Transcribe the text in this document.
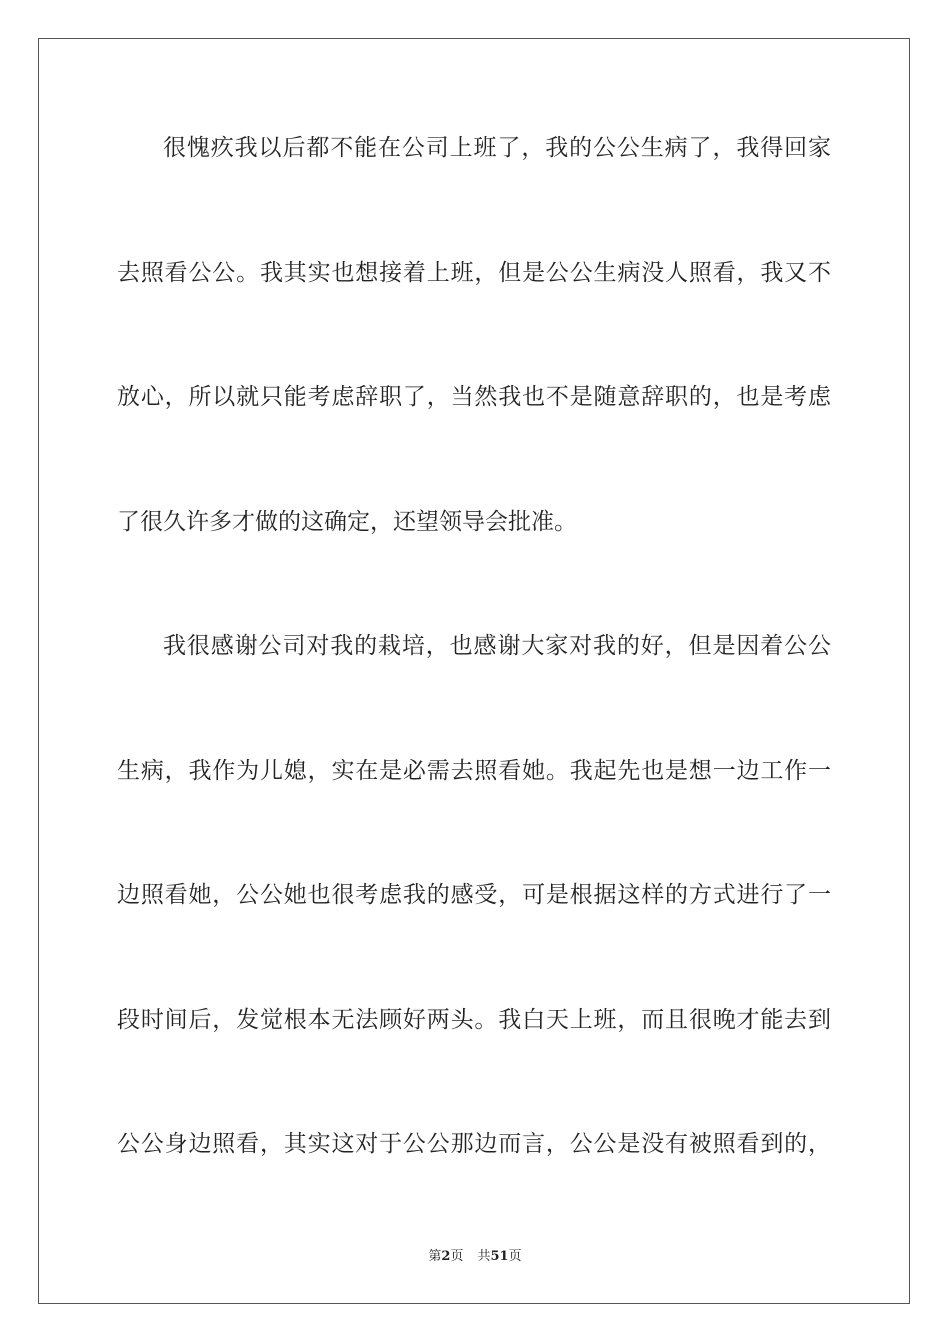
很愧疚我以后都不能在公司上班了，我的公公生病了，我得回家
去照看公公。我其实也想接着上班，但是公公生病没人照看，我又不
放心，所以就只能考虑辞职了，当然我也不是随意辞职的，也是考虑
了很久许多才做的这确定，还望领导会批准。
我很感谢公司对我的栽培，也感谢大家对我的好，但是因着公公
生病，我作为儿媳，实在是必需去照看她。我起先也是想一边工作一
边照看她，公公她也很考虑我的感受，可是根据这样的方式进行了一
段时间后，发觉根本无法顾好两头。我白天上班，而且很晚才能去到
公公身边照看，其实这对于公公那边而言，公公是没有被照看到的，
第2页 共51页
